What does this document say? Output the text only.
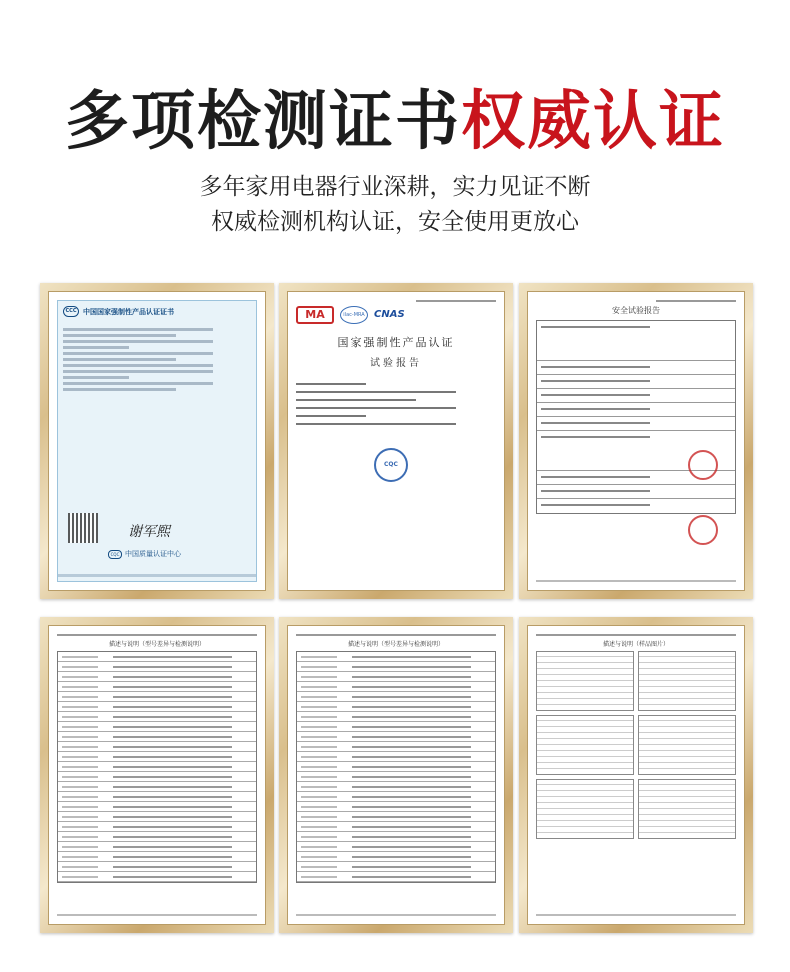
多项检测证书权威认证
多年家用电器行业深耕，实力见证不断
权威检测机构认证，安全使用更放心
CCC 中国国家强制性产品认证证书
谢军熙
CQC 中国质量认证中心
MA	ilac-MRA CNAS
国家强制性产品认证
试验报告
CQC
安全试验报告
描述与说明（型号差异与检测说明）	描述与说明（型号差异与检测说明）	描述与说明（样品图片）
